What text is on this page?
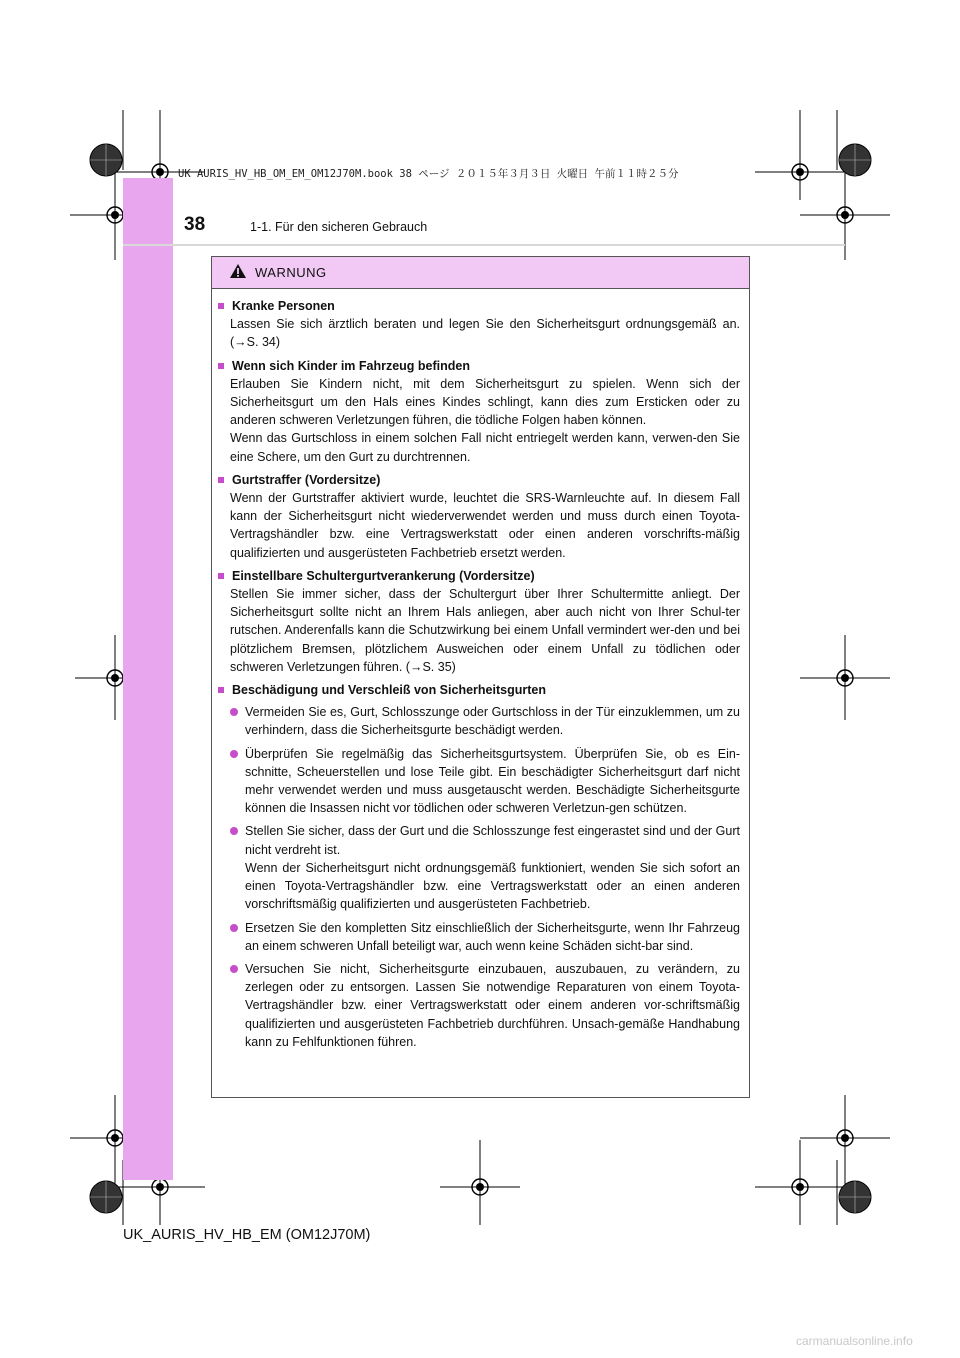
UK AURIS_HV_HB_OM_EM_OM12J70M.book 38 ページ ２０１５年３月３日 火曜日 午前１１時２５分
38	1-1. Für den sicheren Gebrauch
WARNUNG
Kranke Personen
Lassen Sie sich ärztlich beraten und legen Sie den Sicherheitsgurt ordnungsgemäß an. (→S. 34)
Wenn sich Kinder im Fahrzeug befinden
Erlauben Sie Kindern nicht, mit dem Sicherheitsgurt zu spielen. Wenn sich der Sicherheitsgurt um den Hals eines Kindes schlingt, kann dies zum Ersticken oder zu anderen schweren Verletzungen führen, die tödliche Folgen haben können.
Wenn das Gurtschloss in einem solchen Fall nicht entriegelt werden kann, verwen-den Sie eine Schere, um den Gurt zu durchtrennen.
Gurtstraffer (Vordersitze)
Wenn der Gurtstraffer aktiviert wurde, leuchtet die SRS-Warnleuchte auf. In diesem Fall kann der Sicherheitsgurt nicht wiederverwendet werden und muss durch einen Toyota-Vertragshändler bzw. eine Vertragswerkstatt oder einen anderen vorschrifts-mäßig qualifizierten und ausgerüsteten Fachbetrieb ersetzt werden.
Einstellbare Schultergurtverankerung (Vordersitze)
Stellen Sie immer sicher, dass der Schultergurt über Ihrer Schultermitte anliegt. Der Sicherheitsgurt sollte nicht an Ihrem Hals anliegen, aber auch nicht von Ihrer Schul-ter rutschen. Anderenfalls kann die Schutzwirkung bei einem Unfall vermindert wer-den und bei plötzlichem Bremsen, plötzlichem Ausweichen oder einem Unfall zu tödlichen oder schweren Verletzungen führen. (→S. 35)
Beschädigung und Verschleiß von Sicherheitsgurten
Vermeiden Sie es, Gurt, Schlosszunge oder Gurtschloss in der Tür einzuklemmen, um zu verhindern, dass die Sicherheitsgurte beschädigt werden.
Überprüfen Sie regelmäßig das Sicherheitsgurtsystem. Überprüfen Sie, ob es Ein-schnitte, Scheuerstellen und lose Teile gibt. Ein beschädigter Sicherheitsgurt darf nicht mehr verwendet werden und muss ausgetauscht werden. Beschädigte Sicherheitsgurte können die Insassen nicht vor tödlichen oder schweren Verletzun-gen schützen.
Stellen Sie sicher, dass der Gurt und die Schlosszunge fest eingerastet sind und der Gurt nicht verdreht ist.
Wenn der Sicherheitsgurt nicht ordnungsgemäß funktioniert, wenden Sie sich sofort an einen Toyota-Vertragshändler bzw. eine Vertragswerkstatt oder an einen anderen vorschriftsmäßig qualifizierten und ausgerüsteten Fachbetrieb.
Ersetzen Sie den kompletten Sitz einschließlich der Sicherheitsgurte, wenn Ihr Fahrzeug an einem schweren Unfall beteiligt war, auch wenn keine Schäden sicht-bar sind.
Versuchen Sie nicht, Sicherheitsgurte einzubauen, auszubauen, zu verändern, zu zerlegen oder zu entsorgen. Lassen Sie notwendige Reparaturen von einem Toyota-Vertragshändler bzw. einer Vertragswerkstatt oder einem anderen vor-schriftsmäßig qualifizierten und ausgerüsteten Fachbetrieb durchführen. Unsach-gemäße Handhabung kann zu Fehlfunktionen führen.
UK_AURIS_HV_HB_EM (OM12J70M)
carmanualsonline.info
